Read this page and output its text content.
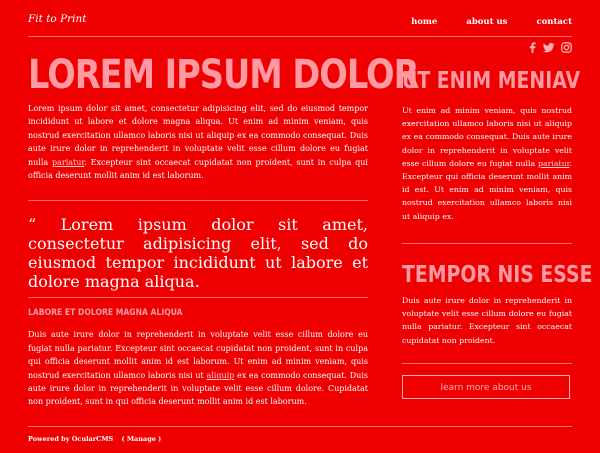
Fit to Print	home	about us	contact
LOREM IPSUM DOLOR
Lorem ipsum dolor sit amet, consectetur adipisicing elit, sed do eiusmod tempor incididunt ut labore et dolore magna aliqua. Ut enim ad minim veniam, quis nostrud exercitation ullamco laboris nisi ut aliquip ex ea commodo consequat. Duis aute irure dolor in reprehenderit in voluptate velit esse cillum dolore eu fugiat nulla pariatur. Excepteur sint occaecat cupidatat non proident, sunt in culpa qui officia deserunt mollit anim id est laborum.
“ Lorem ipsum dolor sit amet, consectetur adipisicing elit, sed do eiusmod tempor incididunt ut labore et dolore magna aliqua.
LABORE ET DOLORE MAGNA ALIQUA
Duis aute irure dolor in reprehenderit in voluptate velit esse cillum dolore eu fugiat nulla pariatur. Excepteur sint occaecat cupidatat non proident, sunt in culpa qui officia deserunt mollit anim id est laborum. Ut enim ad minim veniam, quis nostrud exercitation ullamco laboris nisi ut aliquip ex ea commodo consequat. Duis aute irure dolor in reprehenderit in voluptate velit esse cillum dolore. Cupidatat non proident, sunt in qui officia deserunt mollit anim id est laborum.
UT ENIM MENIAV
Ut enim ad minim veniam, quis nostrud exercitation ullamco laboris nisi ut aliquip ex ea commodo consequat. Duis aute irure dolor in reprehenderit in voluptate velit esse cillum dolore eu fugiat nulla pariatur. Excepteur qui officia deserunt mollit anim id est. Ut enim ad minim veniam, quis nostrud exercitation ullamco laboris nisi ut aliquip ex.
TEMPOR NIS ESSE
Duis aute irure dolor in reprehenderit in voluptate velit esse cillum dolore eu fugiat nulla pariatur. Excepteur sint occaecat cupidatat non proident.
learn more about us
Powered by OcularCMS ( Manage )
